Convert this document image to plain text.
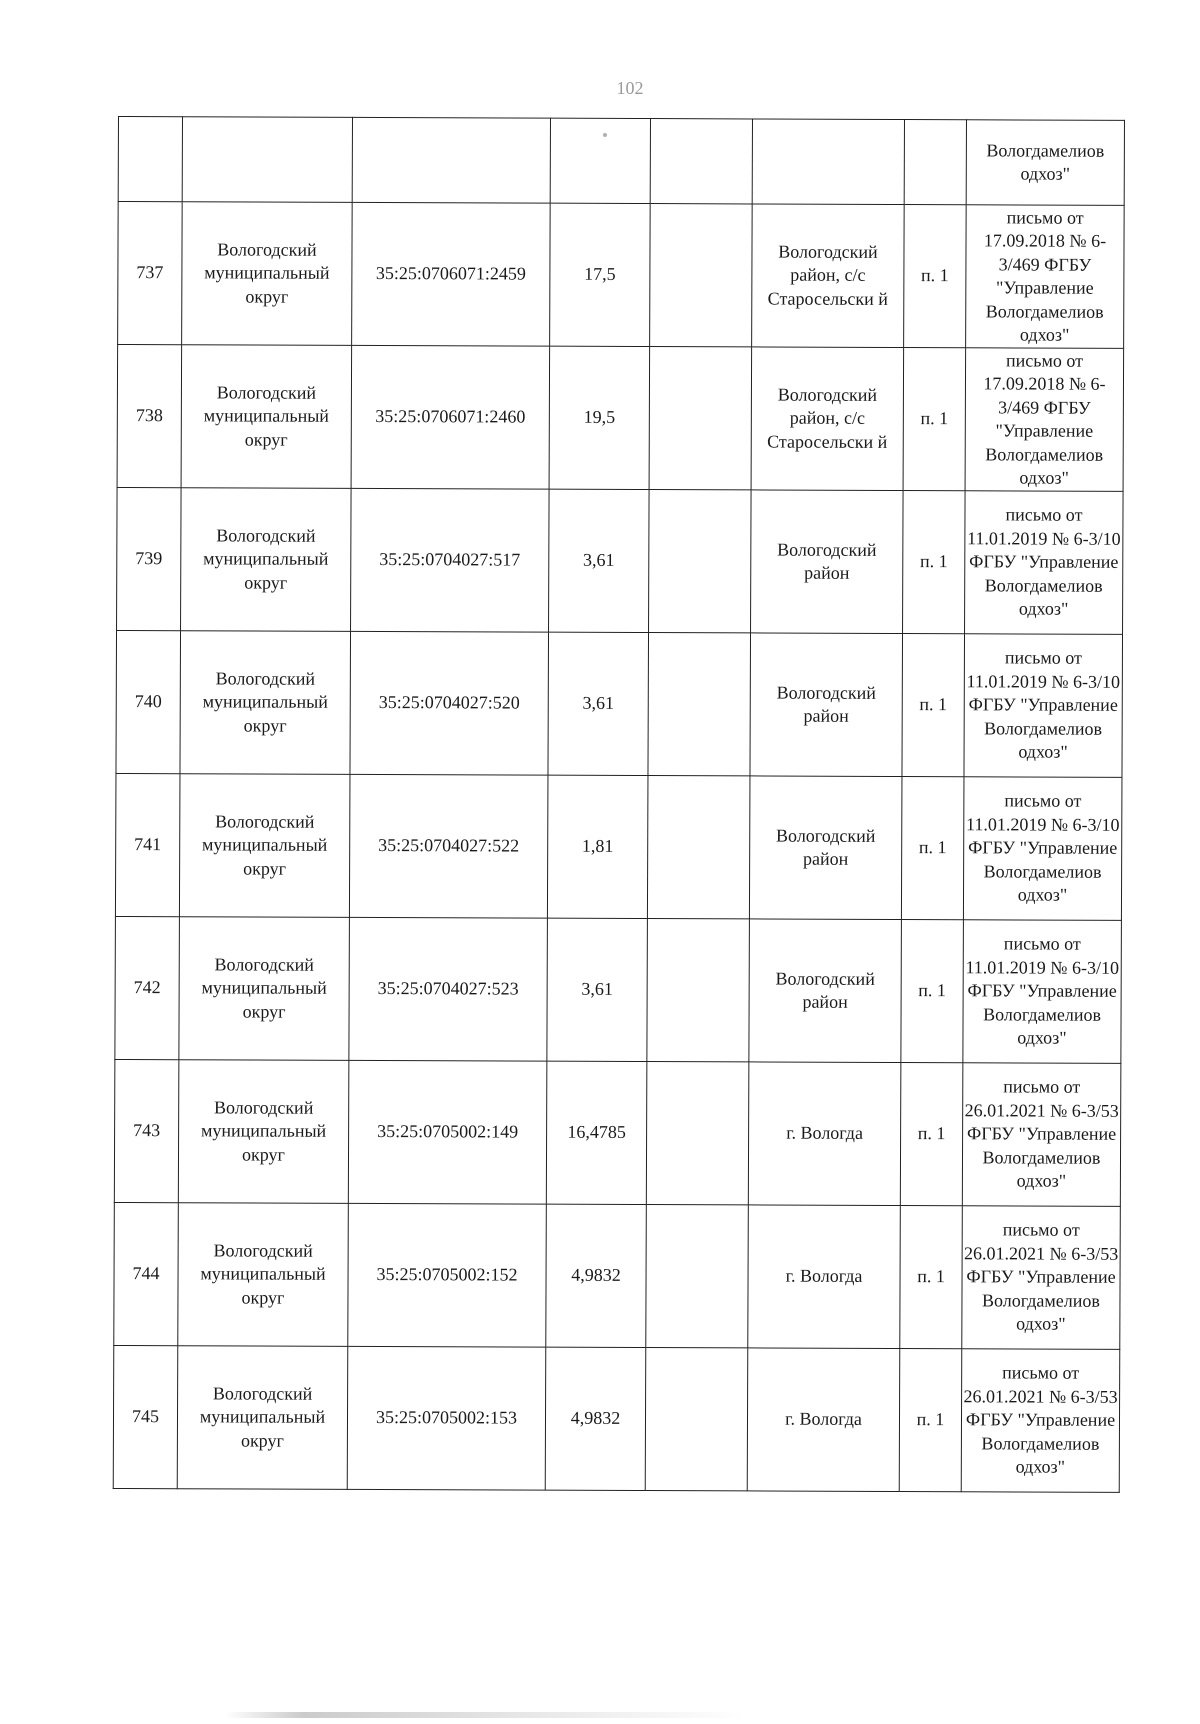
102
							Вологдамелиов одхоз"
737	Вологодский муниципальный округ	35:25:0706071:2459	17,5		Вологодский район, с/с Старосельски й	п. 1	письмо от 17.09.2018 № 6-3/469 ФГБУ "Управление Вологдамелиов одхоз"
738	Вологодский муниципальный округ	35:25:0706071:2460	19,5		Вологодский район, с/с Старосельски й	п. 1	письмо от 17.09.2018 № 6-3/469 ФГБУ "Управление Вологдамелиов одхоз"
739	Вологодский муниципальный округ	35:25:0704027:517	3,61		Вологодский район	п. 1	письмо от 11.01.2019 № 6-3/10 ФГБУ "Управление Вологдамелиов одхоз"
740	Вологодский муниципальный округ	35:25:0704027:520	3,61		Вологодский район	п. 1	письмо от 11.01.2019 № 6-3/10 ФГБУ "Управление Вологдамелиов одхоз"
741	Вологодский муниципальный округ	35:25:0704027:522	1,81		Вологодский район	п. 1	письмо от 11.01.2019 № 6-3/10 ФГБУ "Управление Вологдамелиов одхоз"
742	Вологодский муниципальный округ	35:25:0704027:523	3,61		Вологодский район	п. 1	письмо от 11.01.2019 № 6-3/10 ФГБУ "Управление Вологдамелиов одхоз"
743	Вологодский муниципальный округ	35:25:0705002:149	16,4785		г. Вологда	п. 1	письмо от 26.01.2021 № 6-3/53 ФГБУ "Управление Вологдамелиов одхоз"
744	Вологодский муниципальный округ	35:25:0705002:152	4,9832		г. Вологда	п. 1	письмо от 26.01.2021 № 6-3/53 ФГБУ "Управление Вологдамелиов одхоз"
745	Вологодский муниципальный округ	35:25:0705002:153	4,9832		г. Вологда	п. 1	письмо от 26.01.2021 № 6-3/53 ФГБУ "Управление Вологдамелиов одхоз"
